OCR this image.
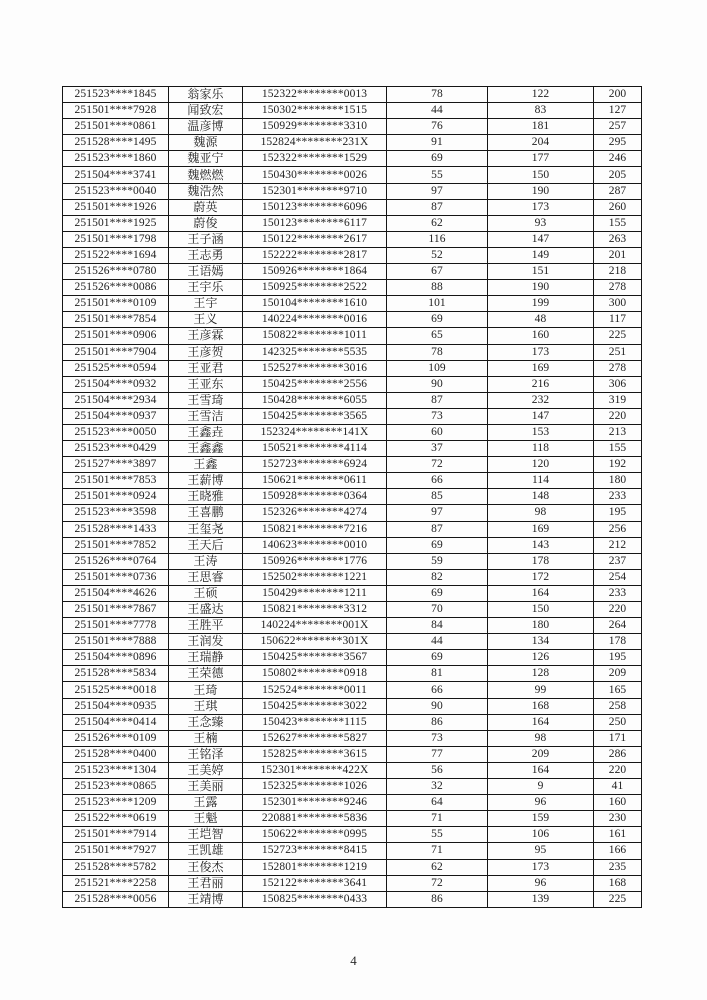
251523****1845	翁家乐	152322********0013	78	122	200
251501****7928	闻致宏	150302********1515	44	83	127
251501****0861	温彦博	150929********3310	76	181	257
251528****1495	魏源	152824********231X	91	204	295
251523****1860	魏亚宁	152322********1529	69	177	246
251504****3741	魏燃燃	150430********0026	55	150	205
251523****0040	魏浩然	152301********9710	97	190	287
251501****1926	蔚英	150123********6096	87	173	260
251501****1925	蔚俊	150123********6117	62	93	155
251501****1798	王子涵	150122********2617	116	147	263
251522****1694	王志勇	152222********2817	52	149	201
251526****0780	王语嫣	150926********1864	67	151	218
251526****0086	王宇乐	150925********2522	88	190	278
251501****0109	王宇	150104********1610	101	199	300
251501****7854	王义	140224********0016	69	48	117
251501****0906	王彦霖	150822********1011	65	160	225
251501****7904	王彦贺	142325********5535	78	173	251
251525****0594	王亚君	152527********3016	109	169	278
251504****0932	王亚东	150425********2556	90	216	306
251504****2934	王雪琦	150428********6055	87	232	319
251504****0937	王雪洁	150425********3565	73	147	220
251523****0050	王鑫垚	152324********141X	60	153	213
251523****0429	王鑫鑫	150521********4114	37	118	155
251527****3897	王鑫	152723********6924	72	120	192
251501****7853	王薪博	150621********0611	66	114	180
251501****0924	王晓雅	150928********0364	85	148	233
251523****3598	王喜鹏	152326********4274	97	98	195
251528****1433	王玺尧	150821********7216	87	169	256
251501****7852	王天后	140623********0010	69	143	212
251526****0764	王涛	150926********1776	59	178	237
251501****0736	王思睿	152502********1221	82	172	254
251504****4626	王硕	150429********1211	69	164	233
251501****7867	王盛达	150821********3312	70	150	220
251501****7778	王胜平	140224********001X	84	180	264
251501****7888	王润发	150622********301X	44	134	178
251504****0896	王瑞静	150425********3567	69	126	195
251528****5834	王荣德	150802********0918	81	128	209
251525****0018	王琦	152524********0011	66	99	165
251504****0935	王琪	150425********3022	90	168	258
251504****0414	王念臻	150423********1115	86	164	250
251526****0109	王楠	152627********5827	73	98	171
251528****0400	王铭泽	152825********3615	77	209	286
251523****1304	王美婷	152301********422X	56	164	220
251523****0865	王美丽	152325********1026	32	9	41
251523****1209	王露	152301********9246	64	96	160
251522****0619	王魁	220881********5836	71	159	230
251501****7914	王垲智	150622********0995	55	106	161
251501****7927	王凯雄	152723********8415	71	95	166
251528****5782	王俊杰	152801********1219	62	173	235
251521****2258	王君丽	152122********3641	72	96	168
251528****0056	王靖博	150825********0433	86	139	225
4
